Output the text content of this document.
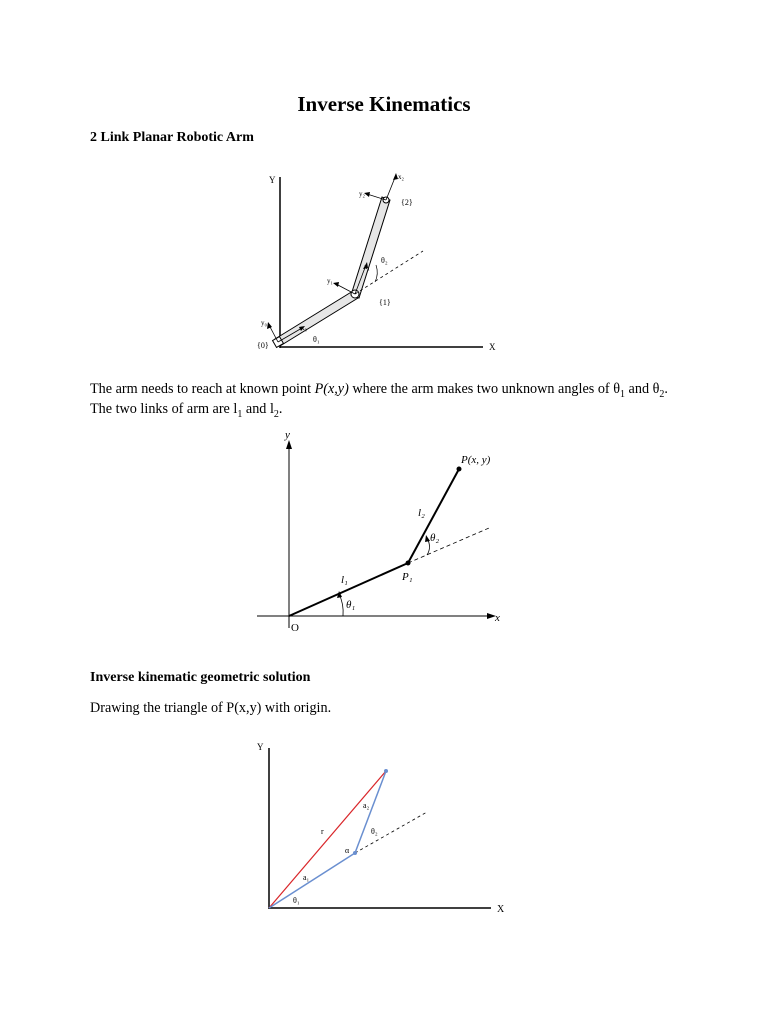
Inverse Kinematics
2 Link Planar Robotic Arm
Y
X
{2}
{1}
{0}
θ₁
θ₂
x₂
y₂
x₁
y₁
x₀
y₀
The arm needs to reach at known point P(x,y) where the arm makes two unknown angles of $\theta_1$ and $\theta_2$. The two links of arm are $l_1$ and $l_2$.
y
x
O
P(x, y)
P₁
l₁
l₂
θ₁
θ₂
Inverse kinematic geometric solution
Drawing the triangle of P(x,y) with origin.
Y
X
r
a₂
a₁
α
θ₂
θ₁
